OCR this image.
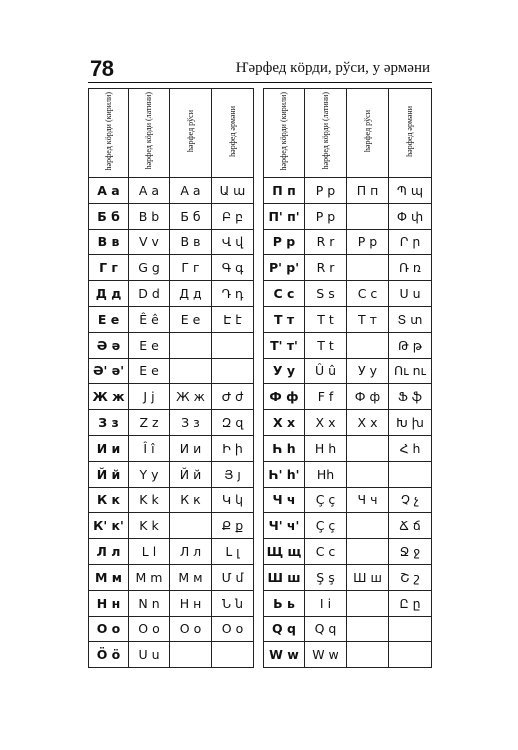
78	Ҥәрфед кӧрди, рўси, у әрмәни
һәрфед кӧрди (кирили)	һәрфед кӧрди (латини)	һәрфед рўси	һәрфед әрмәни
А а	A a	А а	Ա ա
Б б	B b	Б б	Բ բ
В в	V v	В в	Վ վ
Г г	G g	Г г	Գ գ
Д д	D d	Д д	Դ դ
Е е	Ê ê	Е е	Է է
Ә ә	E e		
Ә' ә'	E e		
Ж ж	J j	Ж ж	Ժ ժ
З з	Z z	З з	Զ զ
И и	Î î	И и	Ի ի
Й й	Y y	Й й	Յ յ
К к	K k	К к	Կ կ
К' к'	K k		Ք ք
Л л	L l	Л л	Լ լ
М м	M m	М м	Մ մ
Н н	N n	Н н	Ն ն
О о	O o	О о	Օ օ
Ӧ ӧ	U u		
һәрфед кӧрди (кирили)	һәрфед кӧрди (латини)	һәрфед рўси	һәрфед әрмәни
П п	P p	П п	Պ պ
П' п'	P p		Փ փ
Р р	R r	Р р	Ր ր
Р' р'	R r		Ռ ռ
С с	S s	С с	Ս ս
Т т	T t	Т т	Տ տ
Т' т'	T t		Թ թ
У у	Û û	У у	Ու ու
Ф ф	F f	Ф ф	Ֆ ֆ
Х х	X x	Х х	Խ խ
Һ һ	H h		Հ հ
Һ' һ'	Hh		
Ч ч	Ç ç	Ч ч	Չ չ
Ч' ч'	Ç ç		Ճ ճ
Щ щ	C c		Ջ ջ
Ш ш	Ş ş	Ш ш	Շ շ
Ь ь	I i		Ը ը
Ԛ ԛ	Q q		
W w	W w		
